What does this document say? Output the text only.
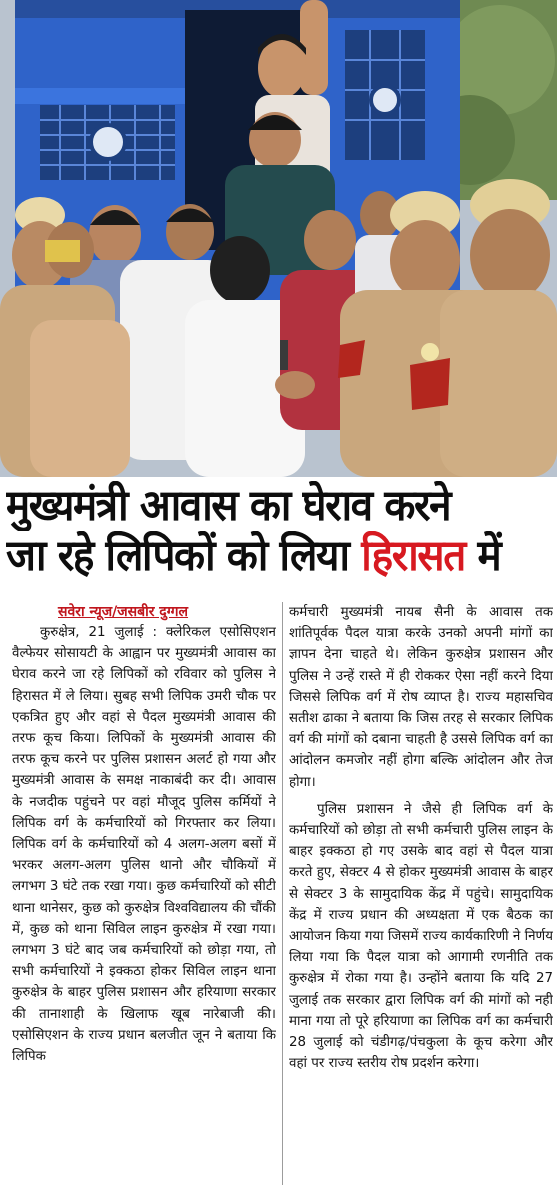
मुख्यमंत्री आवास का घेराव करने
जा रहे लिपिकों को लिया हिरासत में
सवेरा न्यूज/जसबीर दुग्गल

कुरुक्षेत्र, 21 जुलाई : क्लेरिकल एसोसिएशन वैल्फेयर सोसायटी के आह्वान पर मुख्यमंत्री आवास का घेराव करने जा रहे लिपिकों को रविवार को पुलिस ने हिरासत में ले लिया। सुबह सभी लिपिक उमरी चौक पर एकत्रित हुए और वहां से पैदल मुख्यमंत्री आवास की तरफ कूच किया। लिपिकों के मुख्यमंत्री आवास की तरफ कूच करने पर पुलिस प्रशासन अलर्ट हो गया और मुख्यमंत्री आवास के समक्ष नाकाबंदी कर दी। आवास के नजदीक पहुंचने पर वहां मौजूद पुलिस कर्मियों ने लिपिक वर्ग के कर्मचारियों को गिरफ्तार कर लिया। लिपिक वर्ग के कर्मचारियों को 4 अलग-अलग बसों में भरकर अलग-अलग पुलिस थानो और चौकियों में लगभग 3 घंटे तक रखा गया। कुछ कर्मचारियों को सीटी थाना थानेसर, कुछ को कुरुक्षेत्र विश्वविद्यालय की चौंकी में, कुछ को थाना सिविल लाइन कुरुक्षेत्र में रखा गया। लगभग 3 घंटे बाद जब कर्मचारियों को छोड़ा गया, तो सभी कर्मचारियों ने इक्कठा होकर सिविल लाइन थाना कुरुक्षेत्र के बाहर पुलिस प्रशासन और हरियाणा सरकार की तानाशाही के खिलाफ खूब नारेबाजी की। एसोसिएशन के राज्य प्रधान बलजीत जून ने बताया कि लिपिक

कर्मचारी मुख्यमंत्री नायब सैनी के आवास तक शांतिपूर्वक पैदल यात्रा करके उनको अपनी मांगों का ज्ञापन देना चाहते थे। लेकिन कुरुक्षेत्र प्रशासन और पुलिस ने उन्हें रास्ते में ही रोककर ऐसा नहीं करने दिया जिससे लिपिक वर्ग में रोष व्याप्त है। राज्य महासचिव सतीश ढाका ने बताया कि जिस तरह से सरकार लिपिक वर्ग की मांगों को दबाना चाहती है उससे लिपिक वर्ग का आंदोलन कमजोर नहीं होगा बल्कि आंदोलन और तेज होगा।

पुलिस प्रशासन ने जैसे ही लिपिक वर्ग के कर्मचारियों को छोड़ा तो सभी कर्मचारी पुलिस लाइन के बाहर इक्कठा हो गए उसके बाद वहां से पैदल यात्रा करते हुए, सेक्टर 4 से होकर मुख्यमंत्री आवास के बाहर से सेक्टर 3 के सामुदायिक केंद्र में पहुंचे। सामुदायिक केंद्र में राज्य प्रधान की अध्यक्षता में एक बैठक का आयोजन किया गया जिसमें राज्य कार्यकारिणी ने निर्णय लिया गया कि पैदल यात्रा को आगामी रणनीति तक कुरुक्षेत्र में रोका गया है। उन्होंने बताया कि यदि 27 जुलाई तक सरकार द्वारा लिपिक वर्ग की मांगों को नही माना गया तो पूरे हरियाणा का लिपिक वर्ग का कर्मचारी 28 जुलाई को चंडीगढ़/पंचकुला के कूच करेगा और वहां पर राज्य स्तरीय रोष प्रदर्शन करेगा।
